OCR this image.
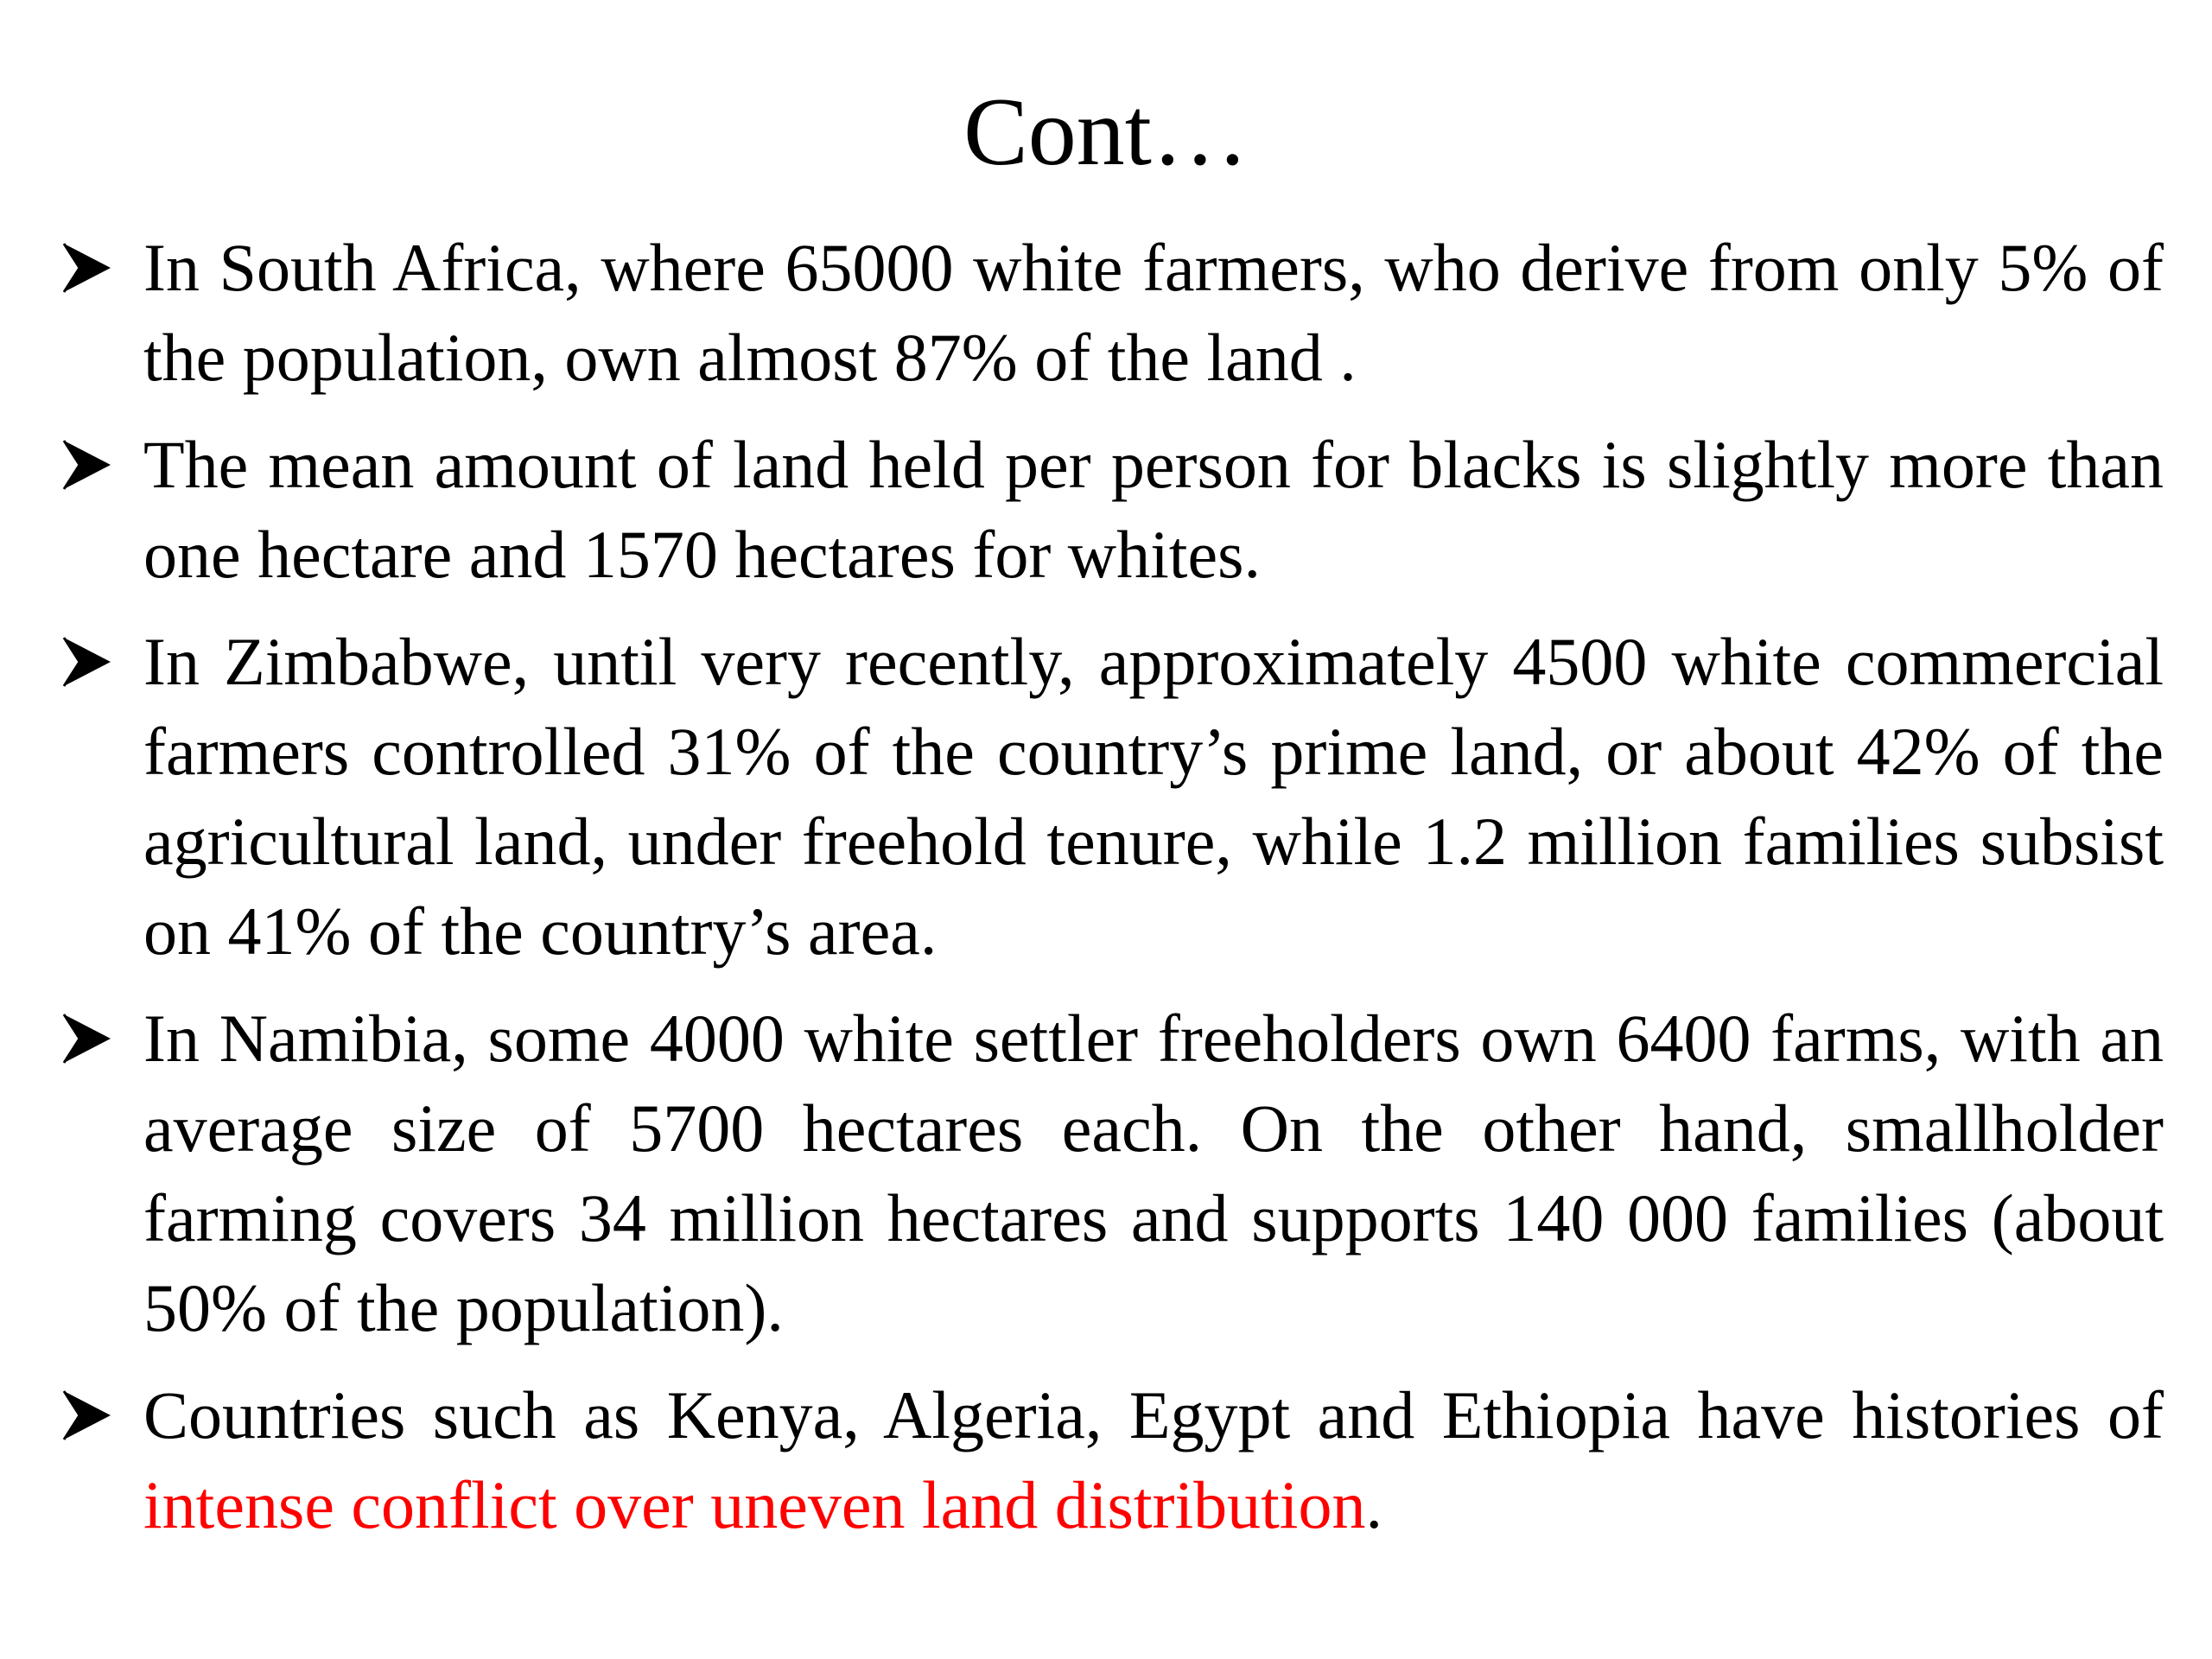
Cont…
In South Africa, where 65000 white farmers, who derive from only 5% of the population, own almost 87% of the land .
The mean amount of land held per person for blacks is slightly more than one hectare and 1570 hectares for whites.
In Zimbabwe, until very recently, approximately 4500 white commercial farmers controlled 31% of the country’s prime land, or about 42% of the agricultural land, under freehold tenure, while 1.2 million families subsist on 41% of the country’s area.
In Namibia, some 4000 white settler freeholders own 6400 farms, with an average size of 5700 hectares each. On the other hand, smallholder farming covers 34 million hectares and supports 140 000 families (about 50% of the population).
Countries such as Kenya, Algeria, Egypt and Ethiopia have histories of intense conflict over uneven land distribution.
